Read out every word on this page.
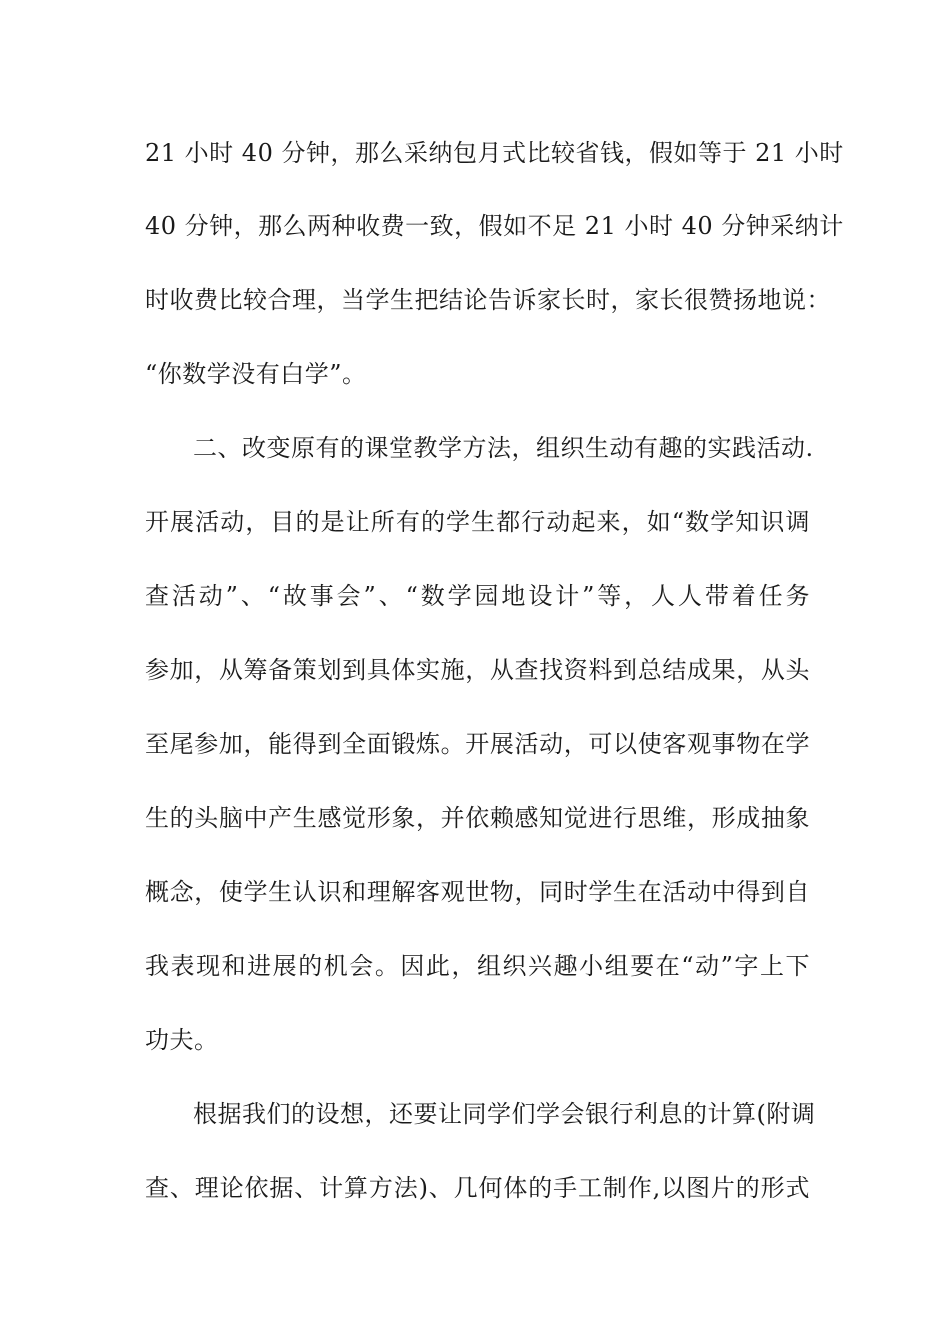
21 小时 40 分钟，那么采纳包月式比较省钱，假如等于 21 小时
40 分钟，那么两种收费一致，假如不足 21 小时 40 分钟采纳计
时收费比较合理，当学生把结论告诉家长时，家长很赞扬地说：
“你数学没有白学”。
二、改变原有的课堂教学方法，组织生动有趣的实践活动.
开展活动，目的是让所有的学生都行动起来，如“数学知识调
查活动”、“故事会”、“数学园地设计”等，人人带着任务
参加，从筹备策划到具体实施，从查找资料到总结成果，从头
至尾参加，能得到全面锻炼。开展活动，可以使客观事物在学
生的头脑中产生感觉形象，并依赖感知觉进行思维，形成抽象
概念，使学生认识和理解客观世物，同时学生在活动中得到自
我表现和进展的机会。因此，组织兴趣小组要在“动”字上下
功夫。
根据我们的设想，还要让同学们学会银行利息的计算(附调
查、理论依据、计算方法)、几何体的手工制作,以图片的形式
